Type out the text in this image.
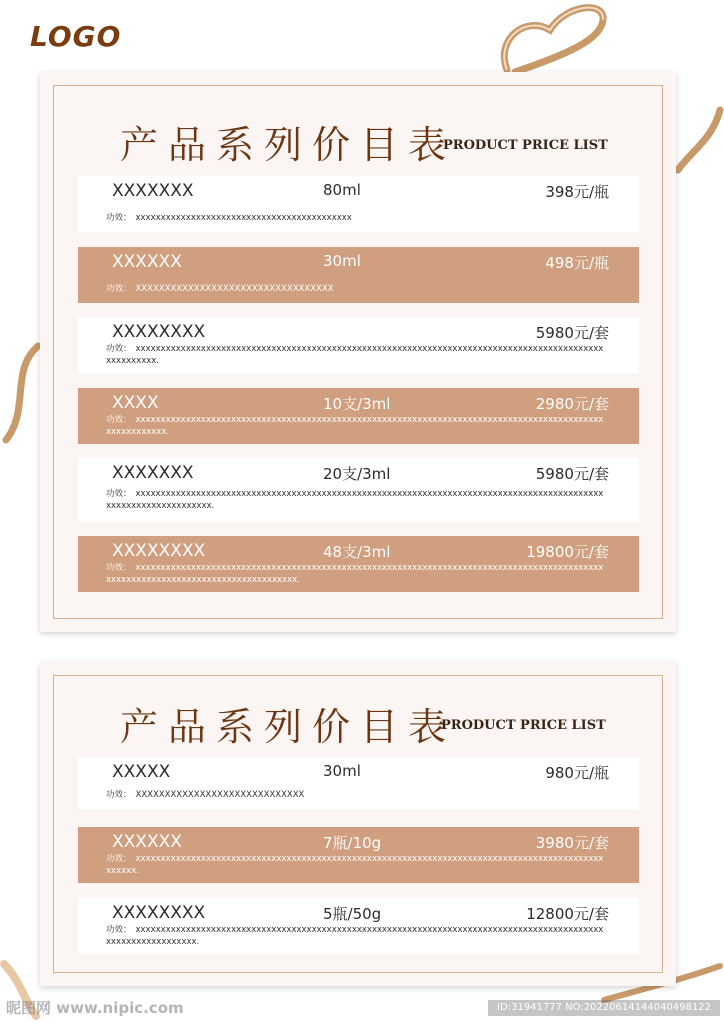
LOGO
产品系列价目表
PRODUCT PRICE LIST
XXXXXXX	80ml	398元/瓶
功效： xxxxxxxxxxxxxxxxxxxxxxxxxxxxxxxxxxxxxxxxxxx
XXXXXX	30ml	498元/瓶
功效： XXXXXXXXXXXXXXXXXXXXXXXXXXXXXXXXXX
XXXXXXXX	5980元/套
功效： xxxxxxxxxxxxxxxxxxxxxxxxxxxxxxxxxxxxxxxxxxxxxxxxxxxxxxxxxxxxxxxxxxxxxxxxxxxxxxxxxxxxxxxxxxxxxxxxxxxxxxx.
XXXX	10支/3ml	2980元/套
功效： xxxxxxxxxxxxxxxxxxxxxxxxxxxxxxxxxxxxxxxxxxxxxxxxxxxxxxxxxxxxxxxxxxxxxxxxxxxxxxxxxxxxxxxxxxxxxxxxxxxxxxxxx.
XXXXXXX	20支/3ml	5980元/套
功效： xxxxxxxxxxxxxxxxxxxxxxxxxxxxxxxxxxxxxxxxxxxxxxxxxxxxxxxxxxxxxxxxxxxxxxxxxxxxxxxxxxxxxxxxxxxxxxxxxxxxxxxxxxxxxxxxxx.
XXXXXXXX	48支/3ml	19800元/套
功效： xxxxxxxxxxxxxxxxxxxxxxxxxxxxxxxxxxxxxxxxxxxxxxxxxxxxxxxxxxxxxxxxxxxxxxxxxxxxxxxxxxxxxxxxxxxxxxxxxxxxxxxxxxxxxxxxxxxxxxxxxxxxxxxxxxx.
产品系列价目表
PRODUCT PRICE LIST
XXXXX	30ml	980元/瓶
功效： XXXXXXXXXXXXXXXXXXXXXXXXXXXXX
XXXXXX	7瓶/10g	3980元/套
功效： xxxxxxxxxxxxxxxxxxxxxxxxxxxxxxxxxxxxxxxxxxxxxxxxxxxxxxxxxxxxxxxxxxxxxxxxxxxxxxxxxxxxxxxxxxxxxxxxxxx.
XXXXXXXX	5瓶/50g	12800元/套
功效： xxxxxxxxxxxxxxxxxxxxxxxxxxxxxxxxxxxxxxxxxxxxxxxxxxxxxxxxxxxxxxxxxxxxxxxxxxxxxxxxxxxxxxxxxxxxxxxxxxxxxxxxxxxxxxx.
昵图网 www.nipic.com	ID:31941777 NO:20220614144040498122
